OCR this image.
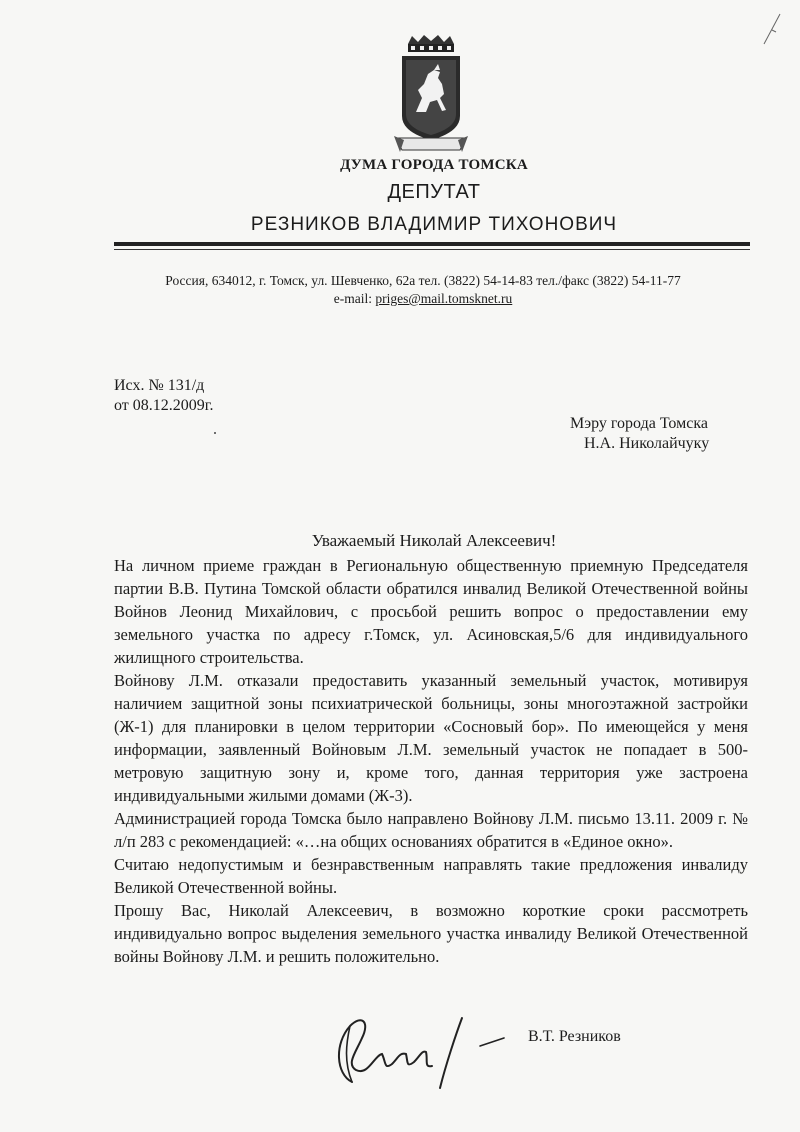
ДУМА ГОРОДА ТОМСКА
ДЕПУТАТ
РЕЗНИКОВ ВЛАДИМИР ТИХОНОВИЧ
Россия, 634012, г. Томск, ул. Шевченко, 62а тел. (3822) 54-14-83 тел./факс (3822) 54-11-77
e-mail: priges@mail.tomsknet.ru
Исх. № 131/д
от 08.12.2009г.
Мэру города Томска
Н.А. Николайчуку
Уважаемый Николай Алексеевич!

На личном приеме граждан в Региональную общественную приемную Председателя партии В.В. Путина Томской области обратился инвалид Великой Отечественной войны Войнов Леонид Михайлович, с просьбой решить вопрос о предоставлении ему земельного участка по адресу г.Томск, ул. Асиновская,5/6 для индивидуального жилищного строительства.

Войнову Л.М. отказали предоставить указанный земельный участок, мотивируя наличием защитной зоны психиатрической больницы, зоны многоэтажной застройки (Ж-1) для планировки в целом территории «Сосновый бор». По имеющейся у меня информации, заявленный Войновым Л.М. земельный участок не попадает в 500- метровую защитную зону и, кроме того, данная территория уже застроена индивидуальными жилыми домами (Ж-3).

Администрацией города Томска было направлено Войнову Л.М. письмо 13.11. 2009 г. № л/п 283 с рекомендацией: «…на общих основаниях обратится в «Единое окно».

Считаю недопустимым и безнравственным направлять такие предложения инвалиду Великой Отечественной войны.

Прошу Вас, Николай Алексеевич, в возможно короткие сроки рассмотреть индивидуально вопрос выделения земельного участка инвалиду Великой Отечественной войны Войнову Л.М. и решить положительно.

В.Т. Резников
